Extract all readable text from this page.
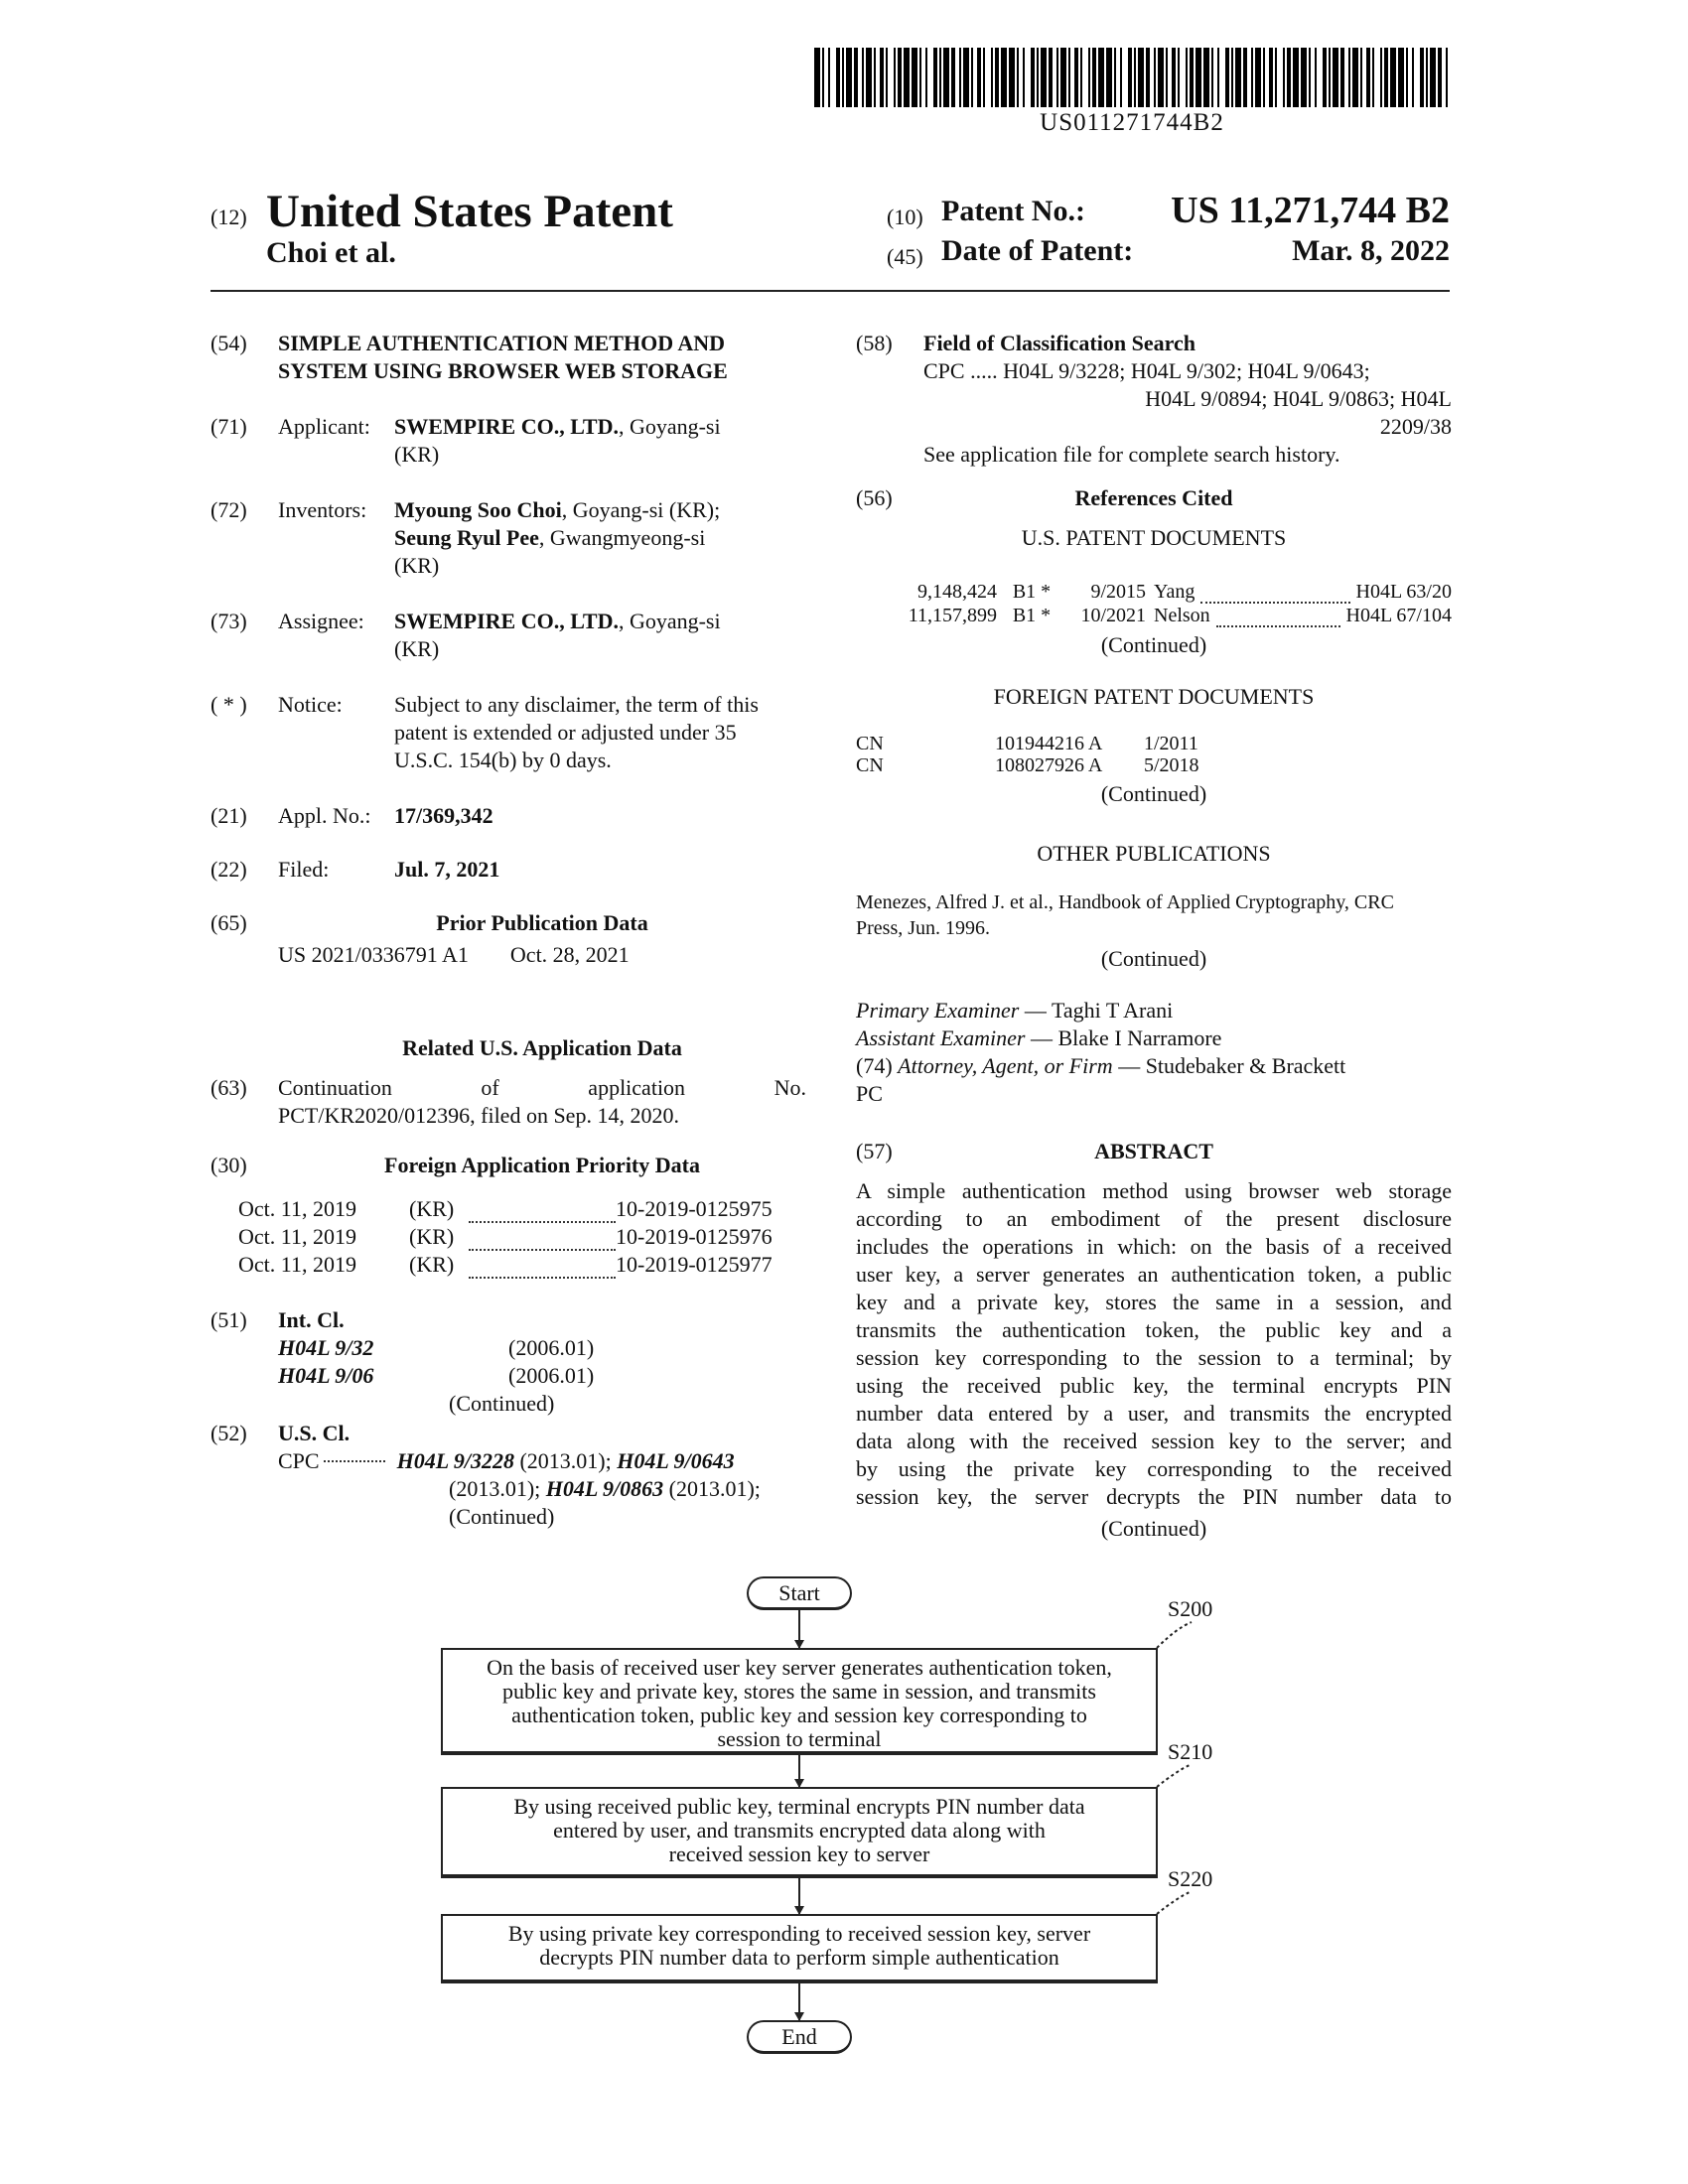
US011271744B2
(12) United States Patent
Choi et al.
(10) Patent No.: US 11,271,744 B2
(45) Date of Patent:	Mar. 8, 2022
(54) SIMPLE AUTHENTICATION METHOD AND
SYSTEM USING BROWSER WEB STORAGE
(71) Applicant: SWEMPIRE CO., LTD., Goyang-si
(KR)
(72) Inventors: Myoung Soo Choi, Goyang-si (KR);
Seung Ryul Pee, Gwangmyeong-si
(KR)
(73) Assignee: SWEMPIRE CO., LTD., Goyang-si
(KR)
( * ) Notice: Subject to any disclaimer, the term of this
patent is extended or adjusted under 35
U.S.C. 154(b) by 0 days.
(21) Appl. No.: 17/369,342
(22) Filed:	Jul. 7, 2021
(65)	Prior Publication Data
US 2021/0336791 A1 Oct. 28, 2021
Related U.S. Application Data
(63) Continuation of application No.
PCT/KR2020/012396, filed on Sep. 14, 2020.
(30)	Foreign Application Priority Data
Oct. 11, 2019	(KR)	10-2019-0125975
Oct. 11, 2019	(KR)	10-2019-0125976
Oct. 11, 2019	(KR)	10-2019-0125977
(51) Int. Cl.
H04L 9/32	(2006.01)
H04L 9/06	(2006.01)
(Continued)
(52) U.S. Cl.
CPC	H04L 9/3228 (2013.01); H04L 9/0643
(2013.01); H04L 9/0863 (2013.01);
(Continued)
(58) Field of Classification Search
CPC ..... H04L 9/3228; H04L 9/302; H04L 9/0643;
H04L 9/0894; H04L 9/0863; H04L
2209/38
See application file for complete search history.
(56)	References Cited
U.S. PATENT DOCUMENTS
9,148,424 B1 *	9/2015 Yang	H04L 63/20
11,157,899 B1 *	10/2021 Nelson	H04L 67/104
(Continued)
FOREIGN PATENT DOCUMENTS
CN	101944216 A	1/2011
CN	108027926 A	5/2018
(Continued)
OTHER PUBLICATIONS
Menezes, Alfred J. et al., Handbook of Applied Cryptography, CRC
Press, Jun. 1996.
(Continued)
Primary Examiner — Taghi T Arani
Assistant Examiner — Blake I Narramore
(74) Attorney, Agent, or Firm — Studebaker & Brackett
PC
(57)	ABSTRACT
A simple authentication method using browser web storage
according to an embodiment of the present disclosure
includes the operations in which: on the basis of a received
user key, a server generates an authentication token, a public
key and a private key, stores the same in a session, and
transmits the authentication token, the public key and a
session key corresponding to the session to a terminal; by
using the received public key, the terminal encrypts PIN
number data entered by a user, and transmits the encrypted
data along with the received session key to the server; and
by using the private key corresponding to the received
session key, the server decrypts the PIN number data to
(Continued)
Start
S200
On the basis of received user key server generates authentication token,
public key and private key, stores the same in session, and transmits
authentication token, public key and session key corresponding to
session to terminal
S210
By using received public key, terminal encrypts PIN number data
entered by user, and transmits encrypted data along with
received session key to server
S220
By using private key corresponding to received session key, server
decrypts PIN number data to perform simple authentication
End
